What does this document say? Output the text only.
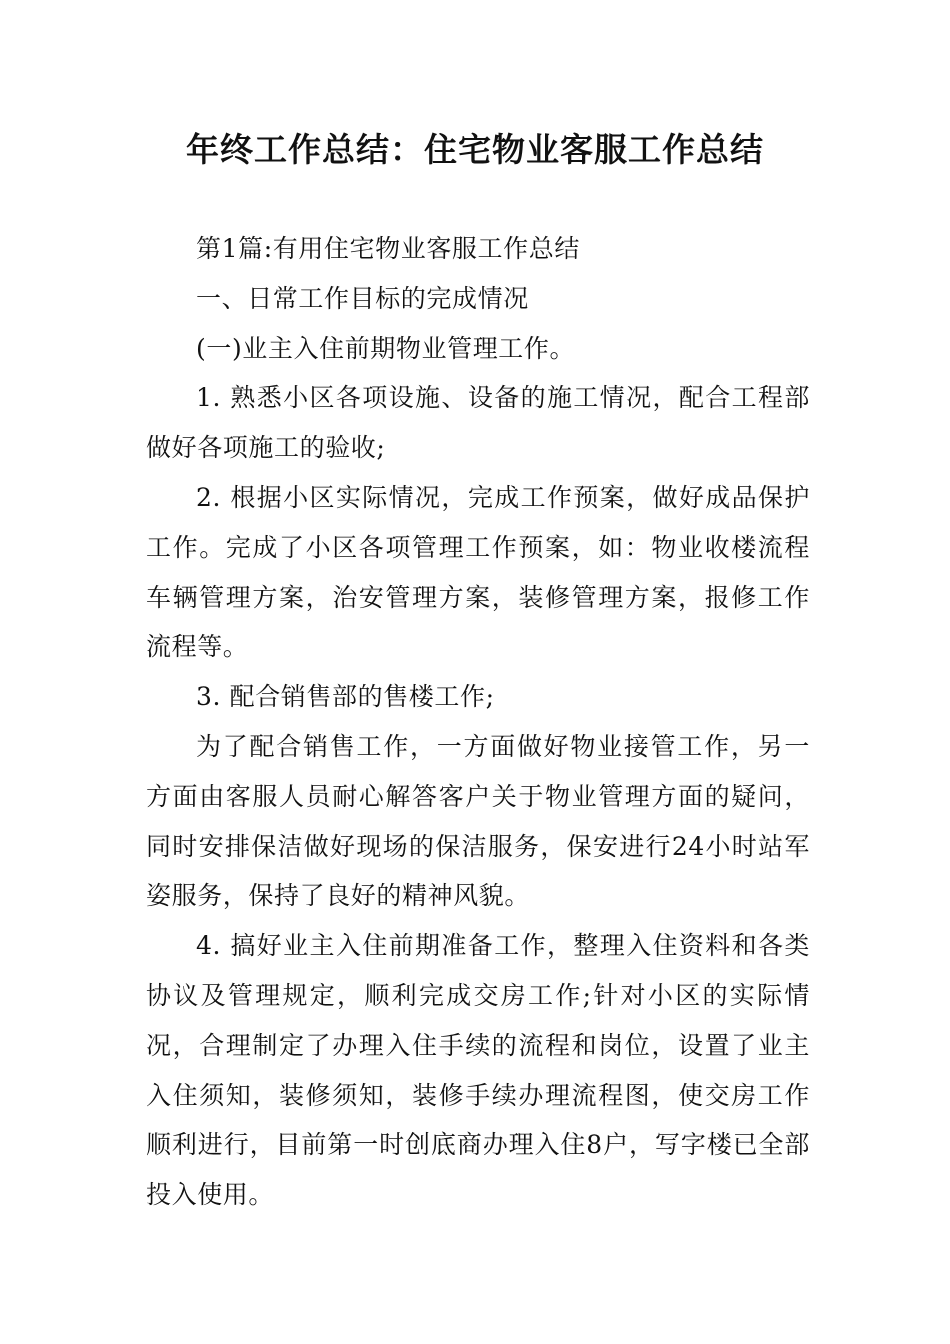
年终工作总结：住宅物业客服工作总结

第1篇:有用住宅物业客服工作总结

一、日常工作目标的完成情况

(一)业主入住前期物业管理工作。

1. 熟悉小区各项设施、设备的施工情况，配合工程部做好各项施工的验收;

2. 根据小区实际情况，完成工作预案，做好成品保护工作。完成了小区各项管理工作预案，如：物业收楼流程车辆管理方案，治安管理方案，装修管理方案，报修工作流程等。

3. 配合销售部的售楼工作;

为了配合销售工作，一方面做好物业接管工作，另一方面由客服人员耐心解答客户关于物业管理方面的疑问，同时安排保洁做好现场的保洁服务，保安进行24小时站军姿服务，保持了良好的精神风貌。

4. 搞好业主入住前期准备工作，整理入住资料和各类协议及管理规定，顺利完成交房工作;针对小区的实际情况，合理制定了办理入住手续的流程和岗位，设置了业主入住须知，装修须知，装修手续办理流程图，使交房工作顺利进行，目前第一时创底商办理入住8户，写字楼已全部投入使用。
